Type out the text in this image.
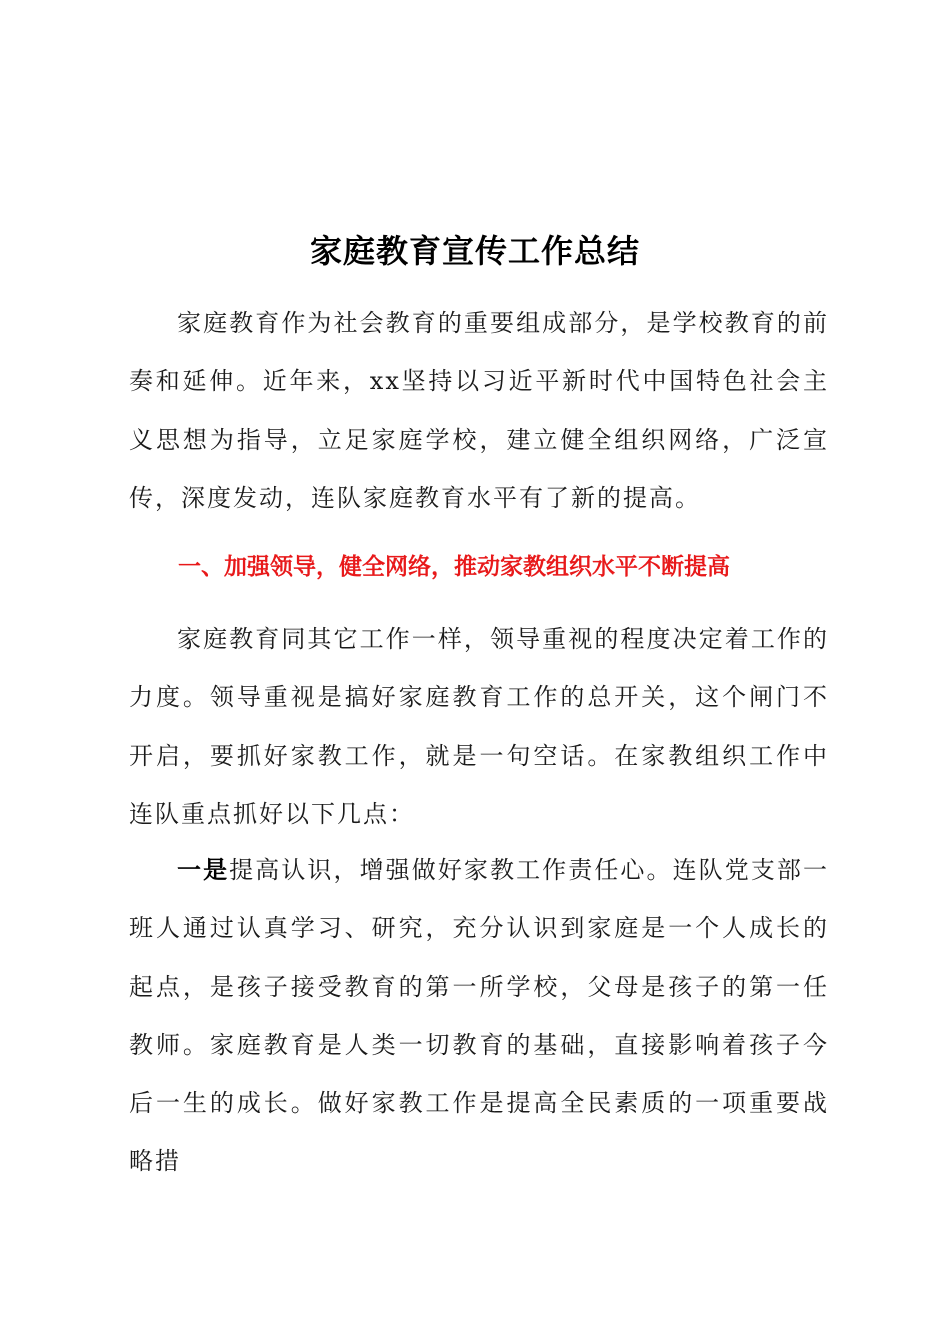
家庭教育宣传工作总结

家庭教育作为社会教育的重要组成部分，是学校教育的前奏和延伸。近年来，xx坚持以习近平新时代中国特色社会主义思想为指导，立足家庭学校，建立健全组织网络，广泛宣传，深度发动，连队家庭教育水平有了新的提高。

一、加强领导，健全网络，推动家教组织水平不断提高

家庭教育同其它工作一样，领导重视的程度决定着工作的力度。领导重视是搞好家庭教育工作的总开关，这个闸门不开启，要抓好家教工作，就是一句空话。在家教组织工作中连队重点抓好以下几点：

一是提高认识，增强做好家教工作责任心。连队党支部一班人通过认真学习、研究，充分认识到家庭是一个人成长的起点，是孩子接受教育的第一所学校，父母是孩子的第一任教师。家庭教育是人类一切教育的基础，直接影响着孩子今后一生的成长。做好家教工作是提高全民素质的一项重要战略措
